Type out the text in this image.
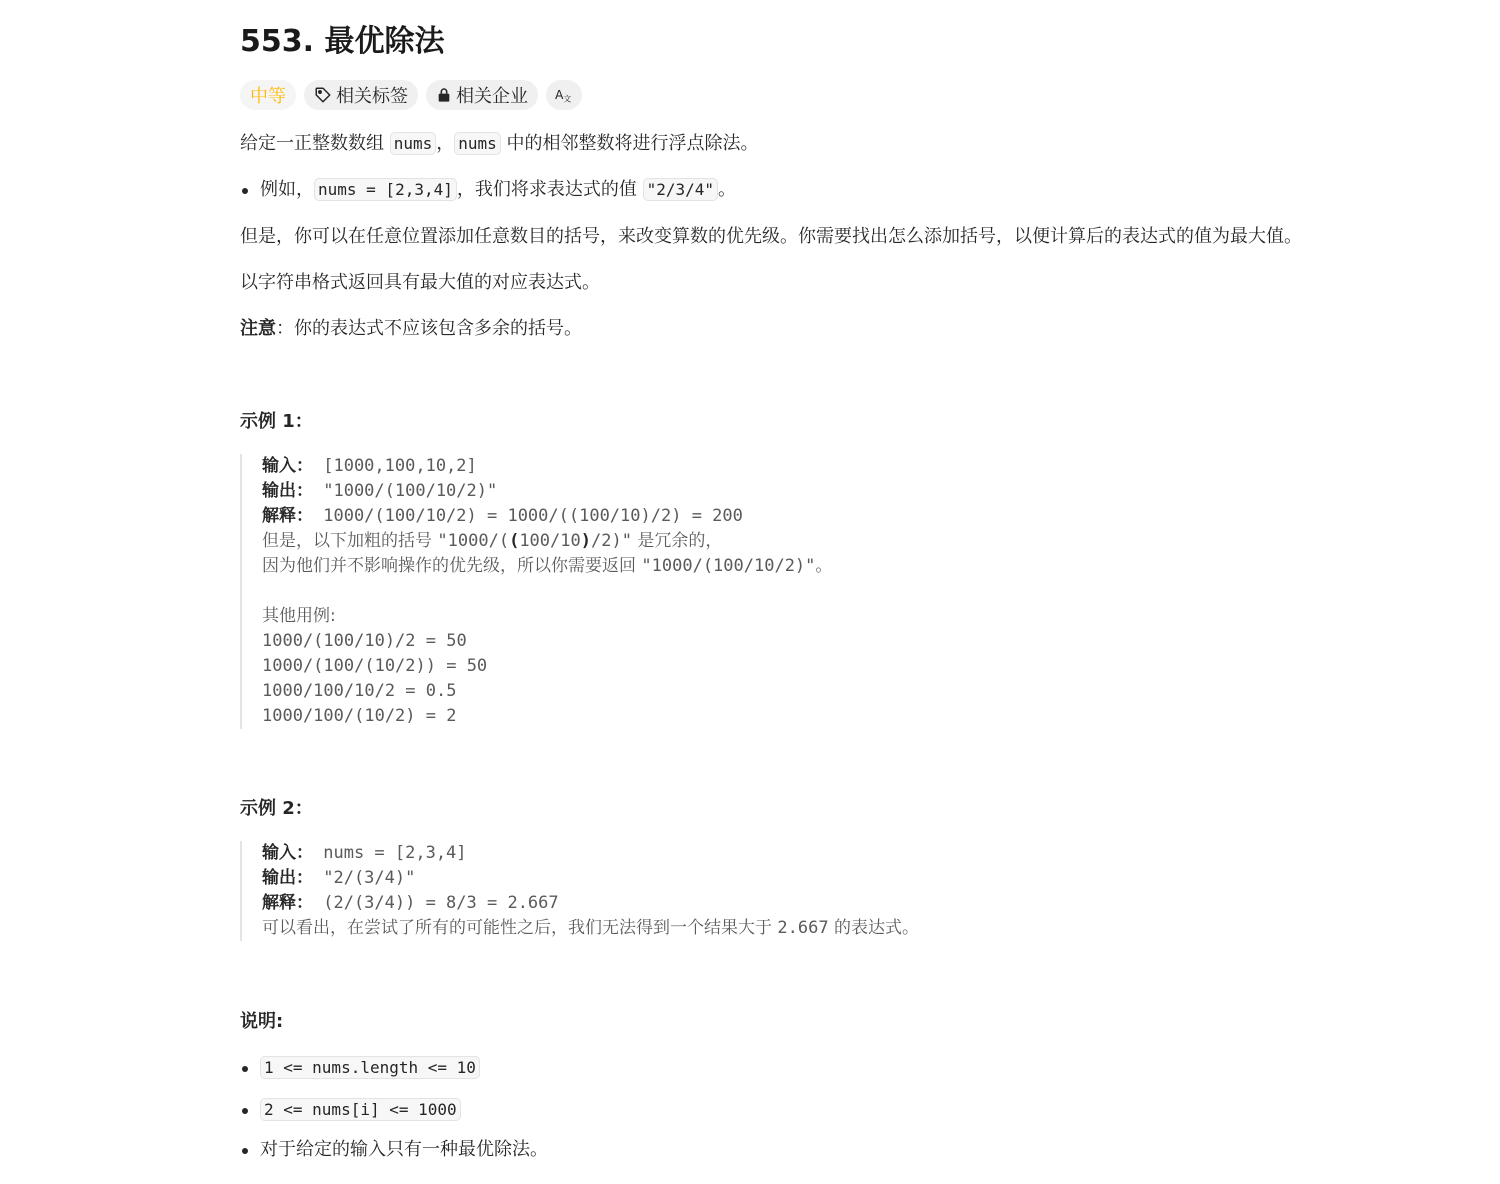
553. 最优除法
中等	相关标签	相关企业 A 文

给定一正整数数组 nums ， nums 中的相邻整数将进行浮点除法。

例如， nums = [2,3,4] ，我们将求表达式的值 "2/3/4" 。

但是，你可以在任意位置添加任意数目的括号，来改变算数的优先级。你需要找出怎么添加括号，以便计算后的表达式的值为最大值。

以字符串格式返回具有最大值的对应表达式。

注意：你的表达式不应该包含多余的括号。

示例 1：
输入： [1000,100,10,2]
输出： "1000/(100/10/2)"
解释： 1000/(100/10/2) = 1000/((100/10)/2) = 200
但是，以下加粗的括号 "1000/((100/10)/2)" 是冗余的，
因为他们并不影响操作的优先级，所以你需要返回 "1000/(100/10/2)"。
其他用例:
1000/(100/10)/2 = 50
1000/(100/(10/2)) = 50
1000/100/10/2 = 0.5
1000/100/(10/2) = 2
示例 2：
输入： nums = [2,3,4]
输出： "2/(3/4)"
解释： (2/(3/4)) = 8/3 = 2.667
可以看出，在尝试了所有的可能性之后，我们无法得到一个结果大于 2.667 的表达式。
说明:
1 <= nums.length <= 10
2 <= nums[i] <= 1000
对于给定的输入只有一种最优除法。
